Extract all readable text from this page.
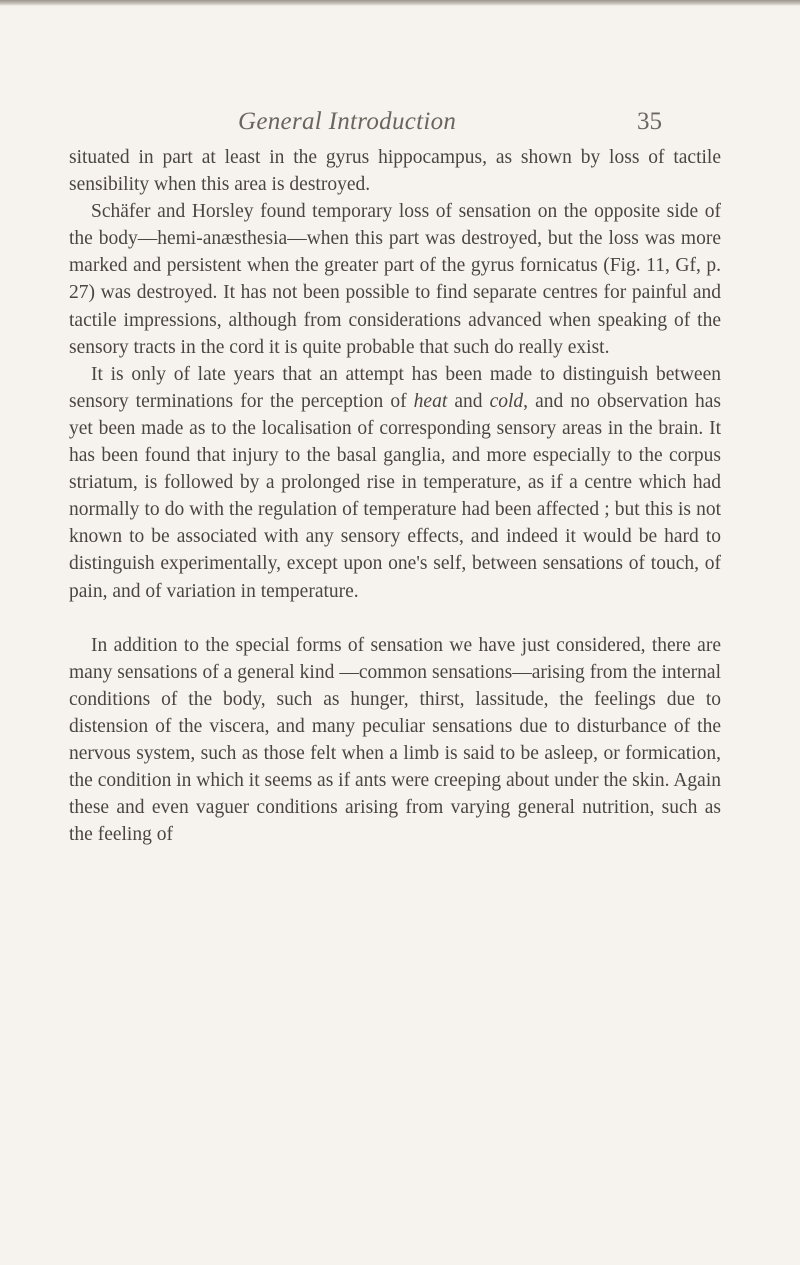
General Introduction	35

situated in part at least in the gyrus hippocampus, as shown by loss of tactile sensibility when this area is destroyed.

Schäfer and Horsley found temporary loss of sensation on the opposite side of the body—hemi-anæsthesia—when this part was destroyed, but the loss was more marked and persistent when the greater part of the gyrus fornicatus (Fig. 11, Gf, p. 27) was destroyed. It has not been possible to find separate centres for painful and tactile impressions, although from considerations advanced when speaking of the sensory tracts in the cord it is quite probable that such do really exist.

It is only of late years that an attempt has been made to distinguish between sensory terminations for the perception of heat and cold, and no observation has yet been made as to the localisation of corresponding sensory areas in the brain. It has been found that injury to the basal ganglia, and more especially to the corpus striatum, is followed by a prolonged rise in temperature, as if a centre which had normally to do with the regulation of temperature had been affected ; but this is not known to be associated with any sensory effects, and indeed it would be hard to distinguish experimentally, except upon one's self, between sensations of touch, of pain, and of variation in temperature.

In addition to the special forms of sensation we have just considered, there are many sensations of a general kind —common sensations—arising from the internal conditions of the body, such as hunger, thirst, lassitude, the feelings due to distension of the viscera, and many peculiar sensations due to disturbance of the nervous system, such as those felt when a limb is said to be asleep, or formication, the condition in which it seems as if ants were creeping about under the skin. Again these and even vaguer conditions arising from varying general nutrition, such as the feeling of
